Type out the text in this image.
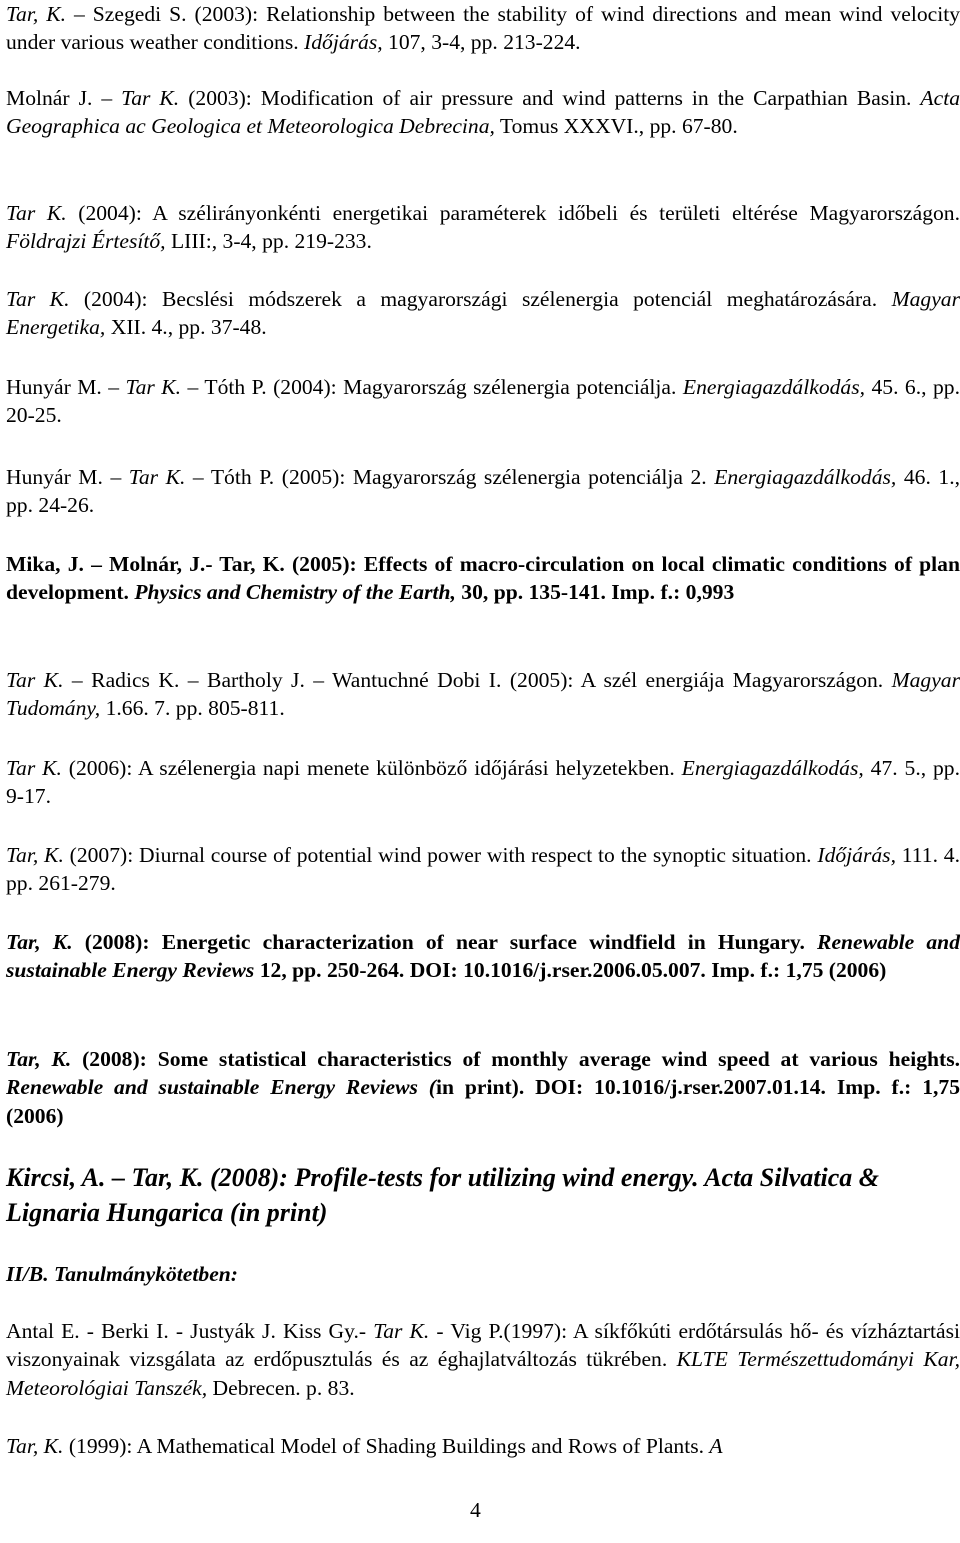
Tar, K. – Szegedi S. (2003): Relationship between the stability of wind directions and mean wind velocity under various weather conditions. Időjárás, 107, 3-4, pp. 213-224.

Molnár J. – Tar K. (2003): Modification of air pressure and wind patterns in the Carpathian Basin. Acta Geographica ac Geologica et Meteorologica Debrecina, Tomus XXXVI., pp. 67-80.

Tar K. (2004): A szélirányonkénti energetikai paraméterek időbeli és területi eltérése Magyarországon. Földrajzi Értesítő, LIII:, 3-4, pp. 219-233.

Tar K. (2004): Becslési módszerek a magyarországi szélenergia potenciál meghatározására. Magyar Energetika, XII. 4., pp. 37-48.

Hunyár M. – Tar K. – Tóth P. (2004): Magyarország szélenergia potenciálja. Energiagazdálkodás, 45. 6., pp. 20-25.

Hunyár M. – Tar K. – Tóth P. (2005): Magyarország szélenergia potenciálja 2. Energiagazdálkodás, 46. 1., pp. 24-26.

Mika, J. – Molnár, J.- Tar, K. (2005): Effects of macro-circulation on local climatic conditions of plan development. Physics and Chemistry of the Earth, 30, pp. 135-141. Imp. f.: 0,993

Tar K. – Radics K. – Bartholy J. – Wantuchné Dobi I. (2005): A szél energiája Magyarországon. Magyar Tudomány, 1.66. 7. pp. 805-811.

Tar K. (2006): A szélenergia napi menete különböző időjárási helyzetekben. Energiagazdálkodás, 47. 5., pp. 9-17.

Tar, K. (2007): Diurnal course of potential wind power with respect to the synoptic situation. Időjárás, 111. 4. pp. 261-279.

Tar, K. (2008): Energetic characterization of near surface windfield in Hungary. Renewable and sustainable Energy Reviews 12, pp. 250-264. DOI: 10.1016/j.rser.2006.05.007. Imp. f.: 1,75 (2006)

Tar, K. (2008): Some statistical characteristics of monthly average wind speed at various heights. Renewable and sustainable Energy Reviews (in print). DOI: 10.1016/j.rser.2007.01.14. Imp. f.: 1,75 (2006)

Kircsi, A. – Tar, K. (2008): Profile-tests for utilizing wind energy. Acta Silvatica & Lignaria Hungarica (in print)

II/B. Tanulmánykötetben:

Antal E. - Berki I. - Justyák J. Kiss Gy.- Tar K. - Vig P.(1997): A síkfőkúti erdőtársulás hő- és vízháztartási viszonyainak vizsgálata az erdőpusztulás és az éghajlatváltozás tükrében. KLTE Természettudományi Kar, Meteorológiai Tanszék, Debrecen. p. 83.

Tar, K. (1999): A Mathematical Model of Shading Buildings and Rows of Plants. A

4
